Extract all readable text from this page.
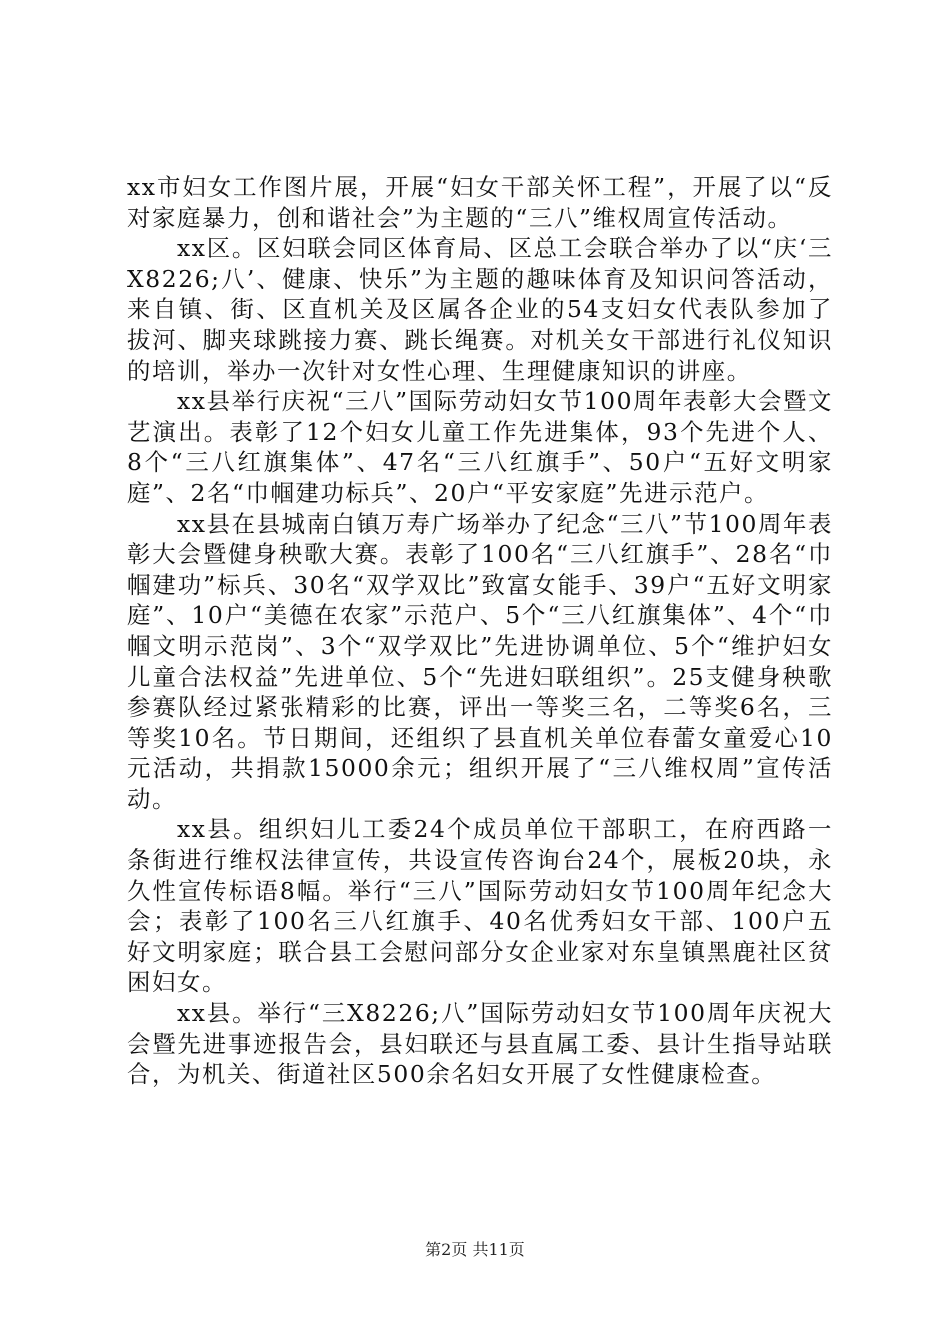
xx市妇女工作图片展，开展“妇女干部关怀工程”，开展了以“反对家庭暴力，创和谐社会”为主题的“三八”维权周宣传活动。

xx区。区妇联会同区体育局、区总工会联合举办了以“庆‘三X8226;八’、健康、快乐”为主题的趣味体育及知识问答活动，来自镇、街、区直机关及区属各企业的54支妇女代表队参加了拔河、脚夹球跳接力赛、跳长绳赛。对机关女干部进行礼仪知识的培训，举办一次针对女性心理、生理健康知识的讲座。

xx县举行庆祝“三八”国际劳动妇女节100周年表彰大会暨文艺演出。表彰了12个妇女儿童工作先进集体，93个先进个人、8个“三八红旗集体”、47名“三八红旗手”、50户“五好文明家庭”、2名“巾帼建功标兵”、20户“平安家庭”先进示范户。

xx县在县城南白镇万寿广场举办了纪念“三八”节100周年表彰大会暨健身秧歌大赛。表彰了100名“三八红旗手”、28名“巾帼建功”标兵、30名“双学双比”致富女能手、39户“五好文明家庭”、10户“美德在农家”示范户、5个“三八红旗集体”、4个“巾帼文明示范岗”、3个“双学双比”先进协调单位、5个“维护妇女儿童合法权益”先进单位、5个“先进妇联组织”。25支健身秧歌参赛队经过紧张精彩的比赛，评出一等奖三名，二等奖6名，三等奖10名。节日期间，还组织了县直机关单位春蕾女童爱心10元活动，共捐款15000余元；组织开展了“三八维权周”宣传活动。

xx县。组织妇儿工委24个成员单位干部职工，在府西路一条街进行维权法律宣传，共设宣传咨询台24个，展板20块，永久性宣传标语8幅。举行“三八”国际劳动妇女节100周年纪念大会；表彰了100名三八红旗手、40名优秀妇女干部、100户五好文明家庭；联合县工会慰问部分女企业家对东皇镇黑鹿社区贫困妇女。

xx县。举行“三X8226;八”国际劳动妇女节100周年庆祝大会暨先进事迹报告会，县妇联还与县直属工委、县计生指导站联合，为机关、街道社区500余名妇女开展了女性健康检查。

第2页 共11页
